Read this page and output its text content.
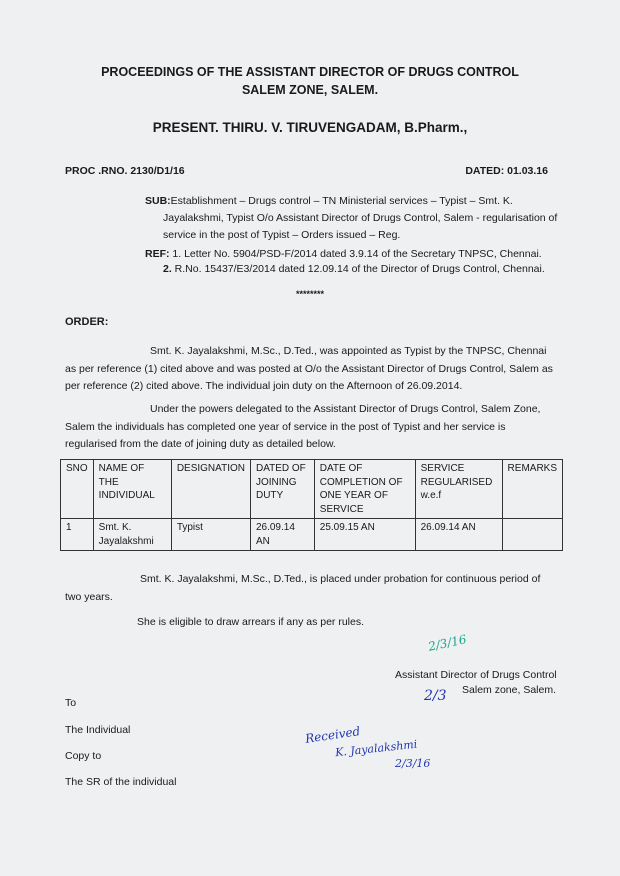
PROCEEDINGS OF THE ASSISTANT DIRECTOR OF DRUGS CONTROL
SALEM ZONE, SALEM.
PRESENT. THIRU. V. TIRUVENGADAM, B.Pharm.,
PROC .RNO. 2130/D1/16	DATED: 01.03.16
SUB:Establishment – Drugs control – TN Ministerial services – Typist – Smt. K.
Jayalakshmi, Typist O/o Assistant Director of Drugs Control, Salem - regularisation of
service in the post of Typist – Orders issued – Reg.
REF: 1. Letter No. 5904/PSD-F/2014 dated 3.9.14 of the Secretary TNPSC, Chennai.
2. R.No. 15437/E3/2014 dated 12.09.14 of the Director of Drugs Control, Chennai.
********
ORDER:
Smt. K. Jayalakshmi, M.Sc., D.Ted., was appointed as Typist by the TNPSC, Chennai as per reference (1) cited above and was posted at O/o the Assistant Director of Drugs Control, Salem as per reference (2) cited above. The individual join duty on the Afternoon of 26.09.2014.
Under the powers delegated to the Assistant Director of Drugs Control, Salem Zone, Salem the individuals has completed one year of service in the post of Typist and her service is regularised from the date of joining duty as detailed below.
SNO	NAME OF THE INDIVIDUAL	DESIGNATION	DATED OF JOINING DUTY	DATE OF COMPLETION OF ONE YEAR OF SERVICE	SERVICE REGULARISED w.e.f	REMARKS
1	Smt. K. Jayalakshmi	Typist	26.09.14 AN	25.09.15 AN	26.09.14 AN	
Smt. K. Jayalakshmi, M.Sc., D.Ted., is placed under probation for continuous period of two years.
She is eligible to draw arrears if any as per rules.
2/3/16
Assistant Director of Drugs Control
Salem zone, Salem.
2/3
To
The Individual
Copy to
The SR of the individual
Received
K. Jayalakshmi
2/3/16
